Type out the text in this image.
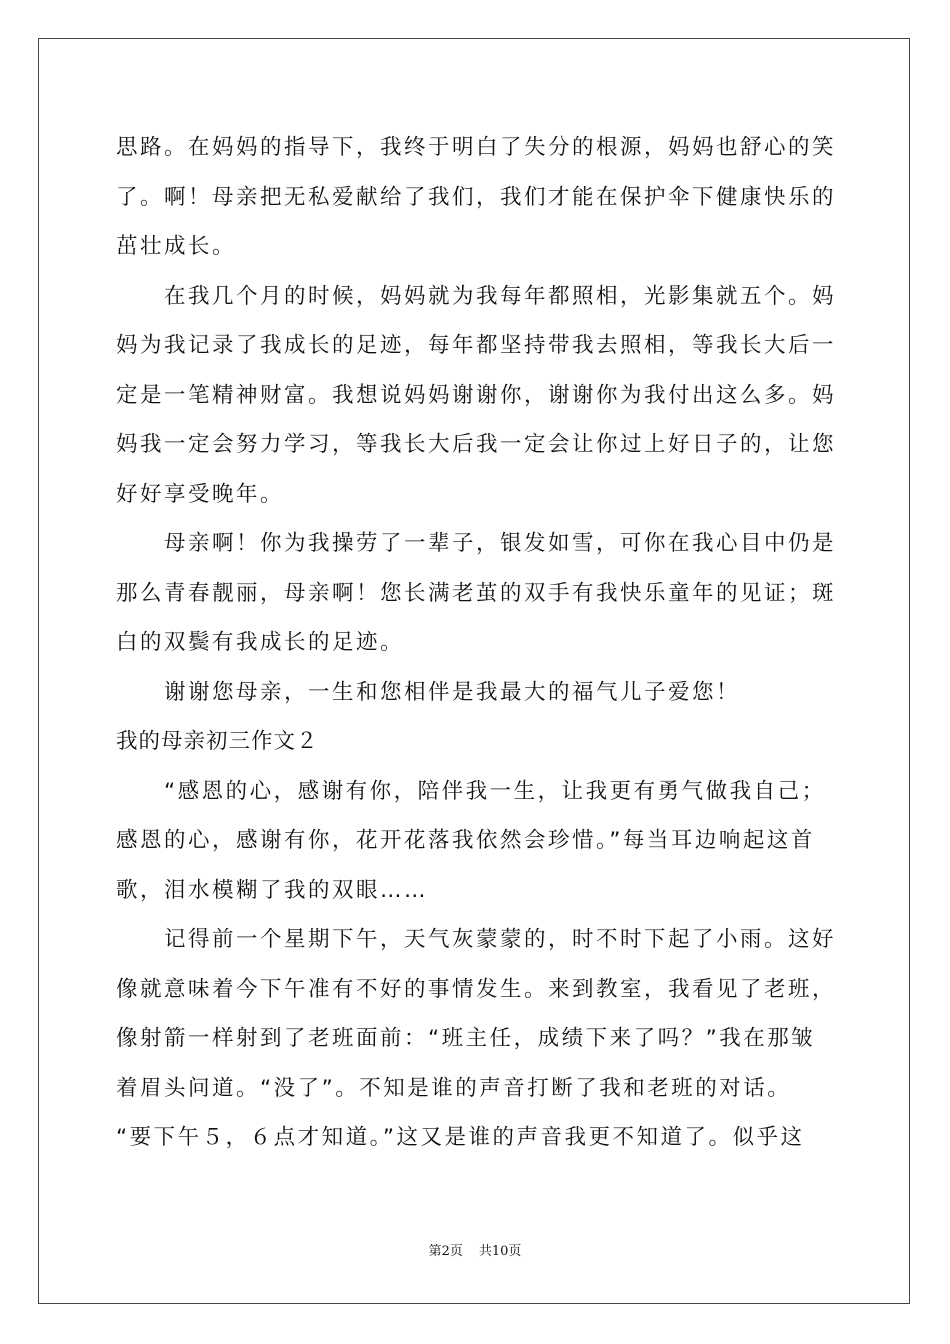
思路。在妈妈的指导下，我终于明白了失分的根源，妈妈也舒心的笑
了。啊！母亲把无私爱献给了我们，我们才能在保护伞下健康快乐的
茁壮成长。
　　在我几个月的时候，妈妈就为我每年都照相，光影集就五个。妈
妈为我记录了我成长的足迹，每年都坚持带我去照相，等我长大后一
定是一笔精神财富。我想说妈妈谢谢你，谢谢你为我付出这么多。妈
妈我一定会努力学习，等我长大后我一定会让你过上好日子的，让您
好好享受晚年。
　　母亲啊！你为我操劳了一辈子，银发如雪，可你在我心目中仍是
那么青春靓丽，母亲啊！您长满老茧的双手有我快乐童年的见证；斑
白的双鬓有我成长的足迹。
　　谢谢您母亲，一生和您相伴是我最大的福气儿子爱您！
我的母亲初三作文２
　　“感恩的心，感谢有你，陪伴我一生，让我更有勇气做我自己；
感恩的心，感谢有你，花开花落我依然会珍惜。”每当耳边响起这首
歌，泪水模糊了我的双眼……
　　记得前一个星期下午，天气灰蒙蒙的，时不时下起了小雨。这好
像就意味着今下午准有不好的事情发生。来到教室，我看见了老班，
像射箭一样射到了老班面前：“班主任，成绩下来了吗？”我在那皱
着眉头问道。“没了”。不知是谁的声音打断了我和老班的对话。
“要下午５，６点才知道。”这又是谁的声音我更不知道了。似乎这
第2页 共10页
